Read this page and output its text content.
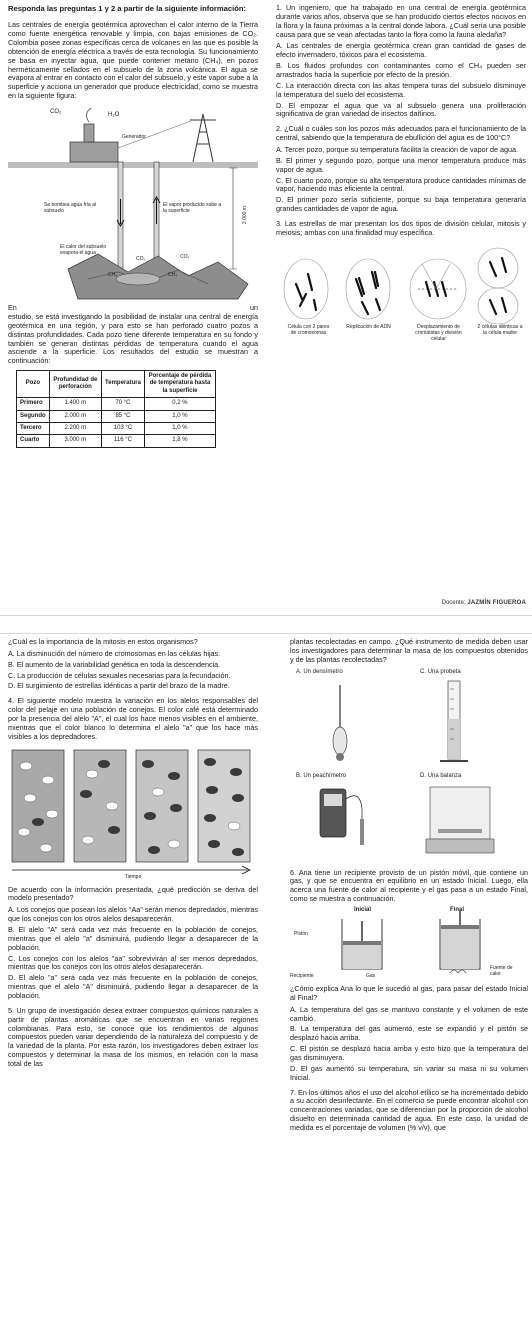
Responda las preguntas 1 y 2 a partir de la siguiente información:

Las centrales de energía geotérmica aprovechan el calor interno de la Tierra como fuente energética renovable y limpia, con bajas emisiones de CO₂. Colombia posee zonas específicas cerca de volcanes en las que es posible la obtención de energía eléctrica a través de esta tecnología. Su funcionamiento se basa en inyectar agua, que puede contener metano (CH₄), en pozos herméticamente sellados en el subsuelo de la zona volcánica. El agua se evapora al entrar en contacto con el calor del subsuelo, y este vapor sube a la superficie y acciona un generador que produce electricidad, como se muestra en la siguiente figura:

CO₂	H₂O
Generador
Se bombea agua fría al subsuelo
El vapor producido sube a la superficie
El calor del subsuelo evapora el agua
3.000 m
CO₂	CO₂
CH₄	CH₄

En	un

estudio, se está investigando la posibilidad de instalar una central de energía geotérmica en una región, y para esto se han perforado cuatro pozos a distintas profundidades. Cada pozo tiene diferente temperatura en su fondo y también se generan distintas pérdidas de temperatura cuando el agua asciende a la superficie. Los resultados del estudio se muestran a continuación:

Pozo	Profundidad de perforación	Temperatura	Porcentaje de pérdida de temperatura hasta la superficie
Primero	1.400 m	70 °C	0,2 %
Segundo	2.000 m	85 °C	1,0 %
Tercero	2.200 m	103 °C	1,0 %
Cuarto	3.000 m	116 °C	1,8 %

1. Un ingeniero, que ha trabajado en una central de energía geotérmica durante varios años, observa que se han producido ciertos efectos nocivos en la flora y la fauna próximas a la central donde labora. ¿Cuál sería una posible causa para que se vean afectadas tanto la flora como la fauna aledaña?

A. Las centrales de energía geotérmica crean gran cantidad de gases de efecto invernadero, tóxicos para el ecosistema.

B. Los fluidos profundos con contaminantes como el CH₄ pueden ser arrastrados hacia la superficie por efecto de la presión.

C. La interacción directa con las altas tempera turas del subsuelo disminuye la temperatura del suelo del ecosistema.

D. El empozar el agua que va al subsuelo genera una proliferación significativa de gran variedad de insectos dañinos.

2. ¿Cuál o cuáles son los pozos más adecuados para el funcionamiento de la central, sabiendo que la temperatura de ebullición del agua es de 100°C?

A. Tercer pozo, porque su temperatura facilita la creación de vapor de agua.

B. El primer y segundo pozo, porque una menor temperatura produce más vapor de agua.

C. El cuarto pozo, porque su alta temperatura produce cantidades mínimas de vapor, haciendo más eficiente la central.

D. El primer pozo sería suficiente, porque su baja temperatura generaría grandes cantidades de vapor de agua.

3. Las estrellas de mar presentan los dos tipos de división celular, mitosis y meiosis; ambas con una finalidad muy específica.

Célula con 2 pares de cromosomas
Replicación de ADN	Desplazamiento de cromátidas y división celular
2 células idénticas a la célula madre
Docente: JAZMÍN FIGUEROA

¿Cuál es la importancia de la mitosis en estos organismos?

A. La disminución del número de cromosomas en las células hijas.

B. El aumento de la variabilidad genética en toda la descendencia.

C. La producción de células sexuales necesarias para la fecundación.

D. El surgimiento de estrellas idénticas a partir del brazo de la madre.

4. El siguiente modelo muestra la variación en los alelos responsables del color del pelaje en una población de conejos. El color café está determinado por la presencia del alelo "A", el cual los hace menos visibles en el ambiente, mientras que el color blanco lo determina el alelo "a" que los hace más visibles a los depredadores.

Tiempo

De acuerdo con la información presentada, ¿qué predicción se deriva del modelo presentado?

A. Los conejos que posean los alelos "Aa" serán menos depredados, mientras que los conejos con los otros alelos desaparecerán.

B. El alelo "A" será cada vez más frecuente en la población de conejos, mientras que el alelo "a" disminuirá, pudiendo llegar a desaparecer de la población.

C. Los conejos con los alelos "aa" sobrevivirán al ser menos depredados, mientras que los conejos con los otros alelos desaparecerán.

D. El alelo "a" será cada vez más frecuente en la población de conejos, mientras que el alelo "A" disminuirá, pudiendo llegar a desaparecer de la población.

5. Un grupo de investigación desea extraer compuestos químicos naturales a partir de plantas aromáticas que se encuentran en varias regiones colombianas. Para esto, se conoce que los rendimientos de algunos compuestos pueden variar dependiendo de la naturaleza del compuesto y de la variedad de la planta. Por esta razón, los investigadores deben extraer los compuestos y determinar la masa de los mismos, en relación con la masa total de las

plantas recolectadas en campo. ¿Qué instrumento de medida deben usar los investigadores para determinar la masa de los compuestos obtenidos y de las plantas recolectadas?

A. Un densímetro	C. Una probeta
B. Un peachímetro	D. Una balanza

6. Ana tiene un recipiente provisto de un pistón móvil, que contiene un gas, y que se encuentra en equilibrio en un estado Inicial. Luego, ella acerca una fuente de calor al recipiente y el gas pasa a un estado Final, como se muestra a continuación.

Inicial	Final
Pistón
Recipiente	Gas
Fuente de calor

¿Cómo explica Ana lo que le sucedió al gas, para pasar del estado Inicial al Final?

A. La temperatura del gas se mantuvo constante y el volumen de este cambió.

B. La temperatura del gas aumentó, este se expandió y el pistón se desplazó hacia arriba.

C. El pistón se desplazó hacia arriba y esto hizo que la temperatura del gas disminuyera.

D. El gas aumentó su temperatura, sin variar su masa ni su volumen Inicial.

7. En los últimos años el uso del alcohol etílico se ha incrementado debido a su acción desinfectante. En el comercio se puede encontrar alcohol con concentraciones variadas, que se diferencian por la proporción de alcohol disuelto en determinada cantidad de agua. En este caso, la unidad de medida es el porcentaje de volumen (% v/v), que
